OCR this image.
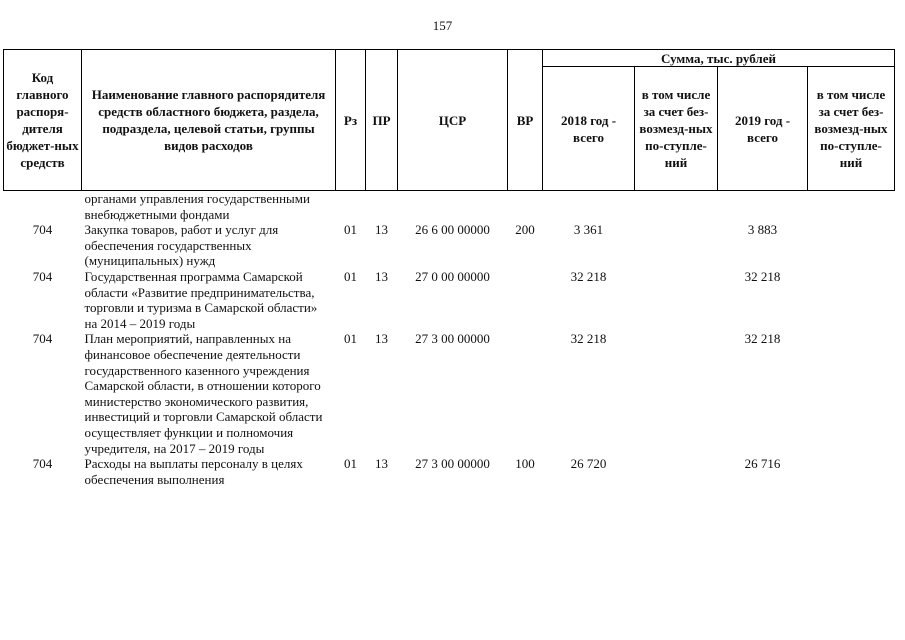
157
Код главного распоря-дителя бюджет-ных средств	Наименование главного распорядителя средств областного бюджета, раздела, подраздела, целевой статьи, группы видов расходов	Рз	ПР	ЦСР	ВР	Сумма, тыс. рублей			
						2018 год - всего	в том числе за счет без-возмезд-ных по-ступле-ний	2019 год - всего	в том числе за счет без-возмезд-ных по-ступле-ний
	органами управления государственными внебюджетными фондами								
704	Закупка товаров, работ и услуг для обеспечения государственных (муниципальных) нужд	01	13	26 6 00 00000	200	3 361		3 883	
704	Государственная программа Самарской области «Развитие предпринимательства, торговли и туризма в Самарской области» на 2014 – 2019 годы	01	13	27 0 00 00000		32 218		32 218	
704	План мероприятий, направленных на финансовое обеспечение деятельности государственного казенного учреждения Самарской области, в отношении которого министерство экономического развития, инвестиций и торговли Самарской области осуществляет функции и полномочия учредителя, на 2017 – 2019 годы	01	13	27 3 00 00000		32 218		32 218	
704	Расходы на выплаты персоналу в целях обеспечения выполнения	01	13	27 3 00 00000	100	26 720		26 716	
